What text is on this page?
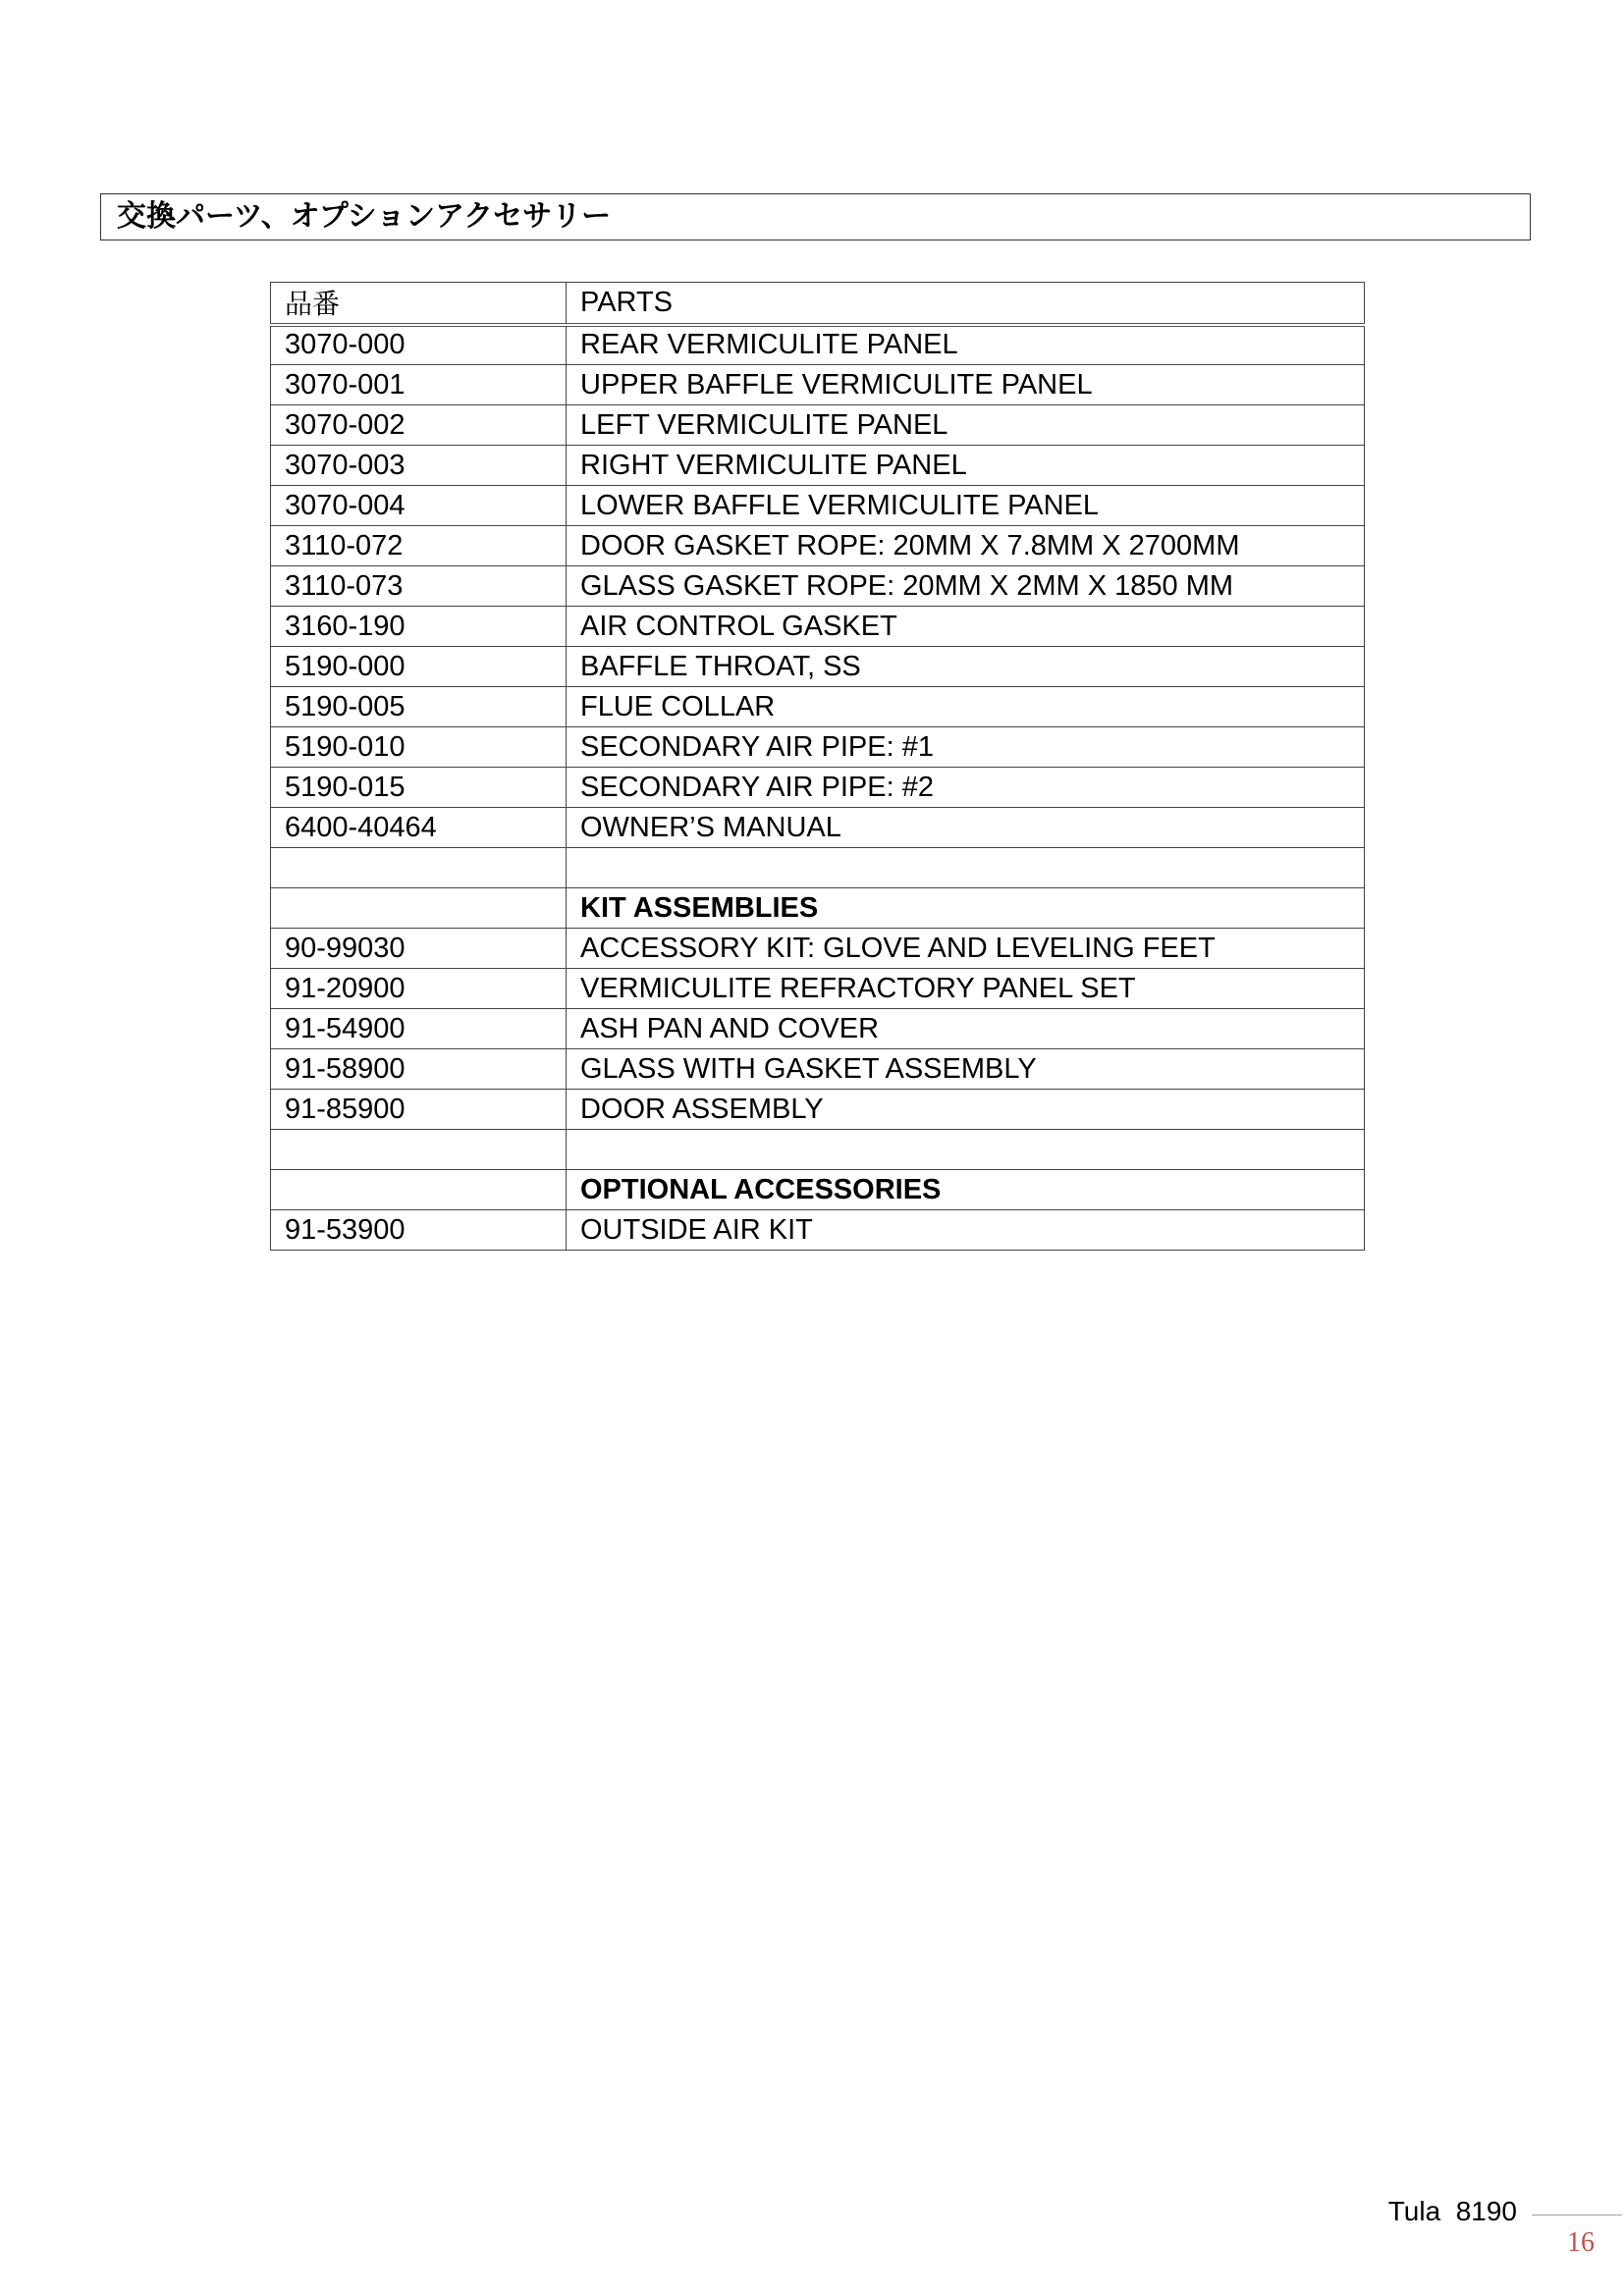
交換パーツ、オプションアクセサリー
品番	PARTS
3070-000	REAR VERMICULITE PANEL
3070-001	UPPER BAFFLE VERMICULITE PANEL
3070-002	LEFT VERMICULITE PANEL
3070-003	RIGHT VERMICULITE PANEL
3070-004	LOWER BAFFLE VERMICULITE PANEL
3110-072	DOOR GASKET ROPE: 20MM X 7.8MM X 2700MM
3110-073	GLASS GASKET ROPE: 20MM X 2MM X 1850 MM
3160-190	AIR CONTROL GASKET
5190-000	BAFFLE THROAT, SS
5190-005	FLUE COLLAR
5190-010	SECONDARY AIR PIPE: #1
5190-015	SECONDARY AIR PIPE: #2
6400-40464	OWNER’S MANUAL

	KIT ASSEMBLIES
90-99030	ACCESSORY KIT: GLOVE AND LEVELING FEET
91-20900	VERMICULITE REFRACTORY PANEL SET
91-54900	ASH PAN AND COVER
91-58900	GLASS WITH GASKET ASSEMBLY
91-85900	DOOR ASSEMBLY

	OPTIONAL ACCESSORIES
91-53900	OUTSIDE AIR KIT
Tula  8190
16
